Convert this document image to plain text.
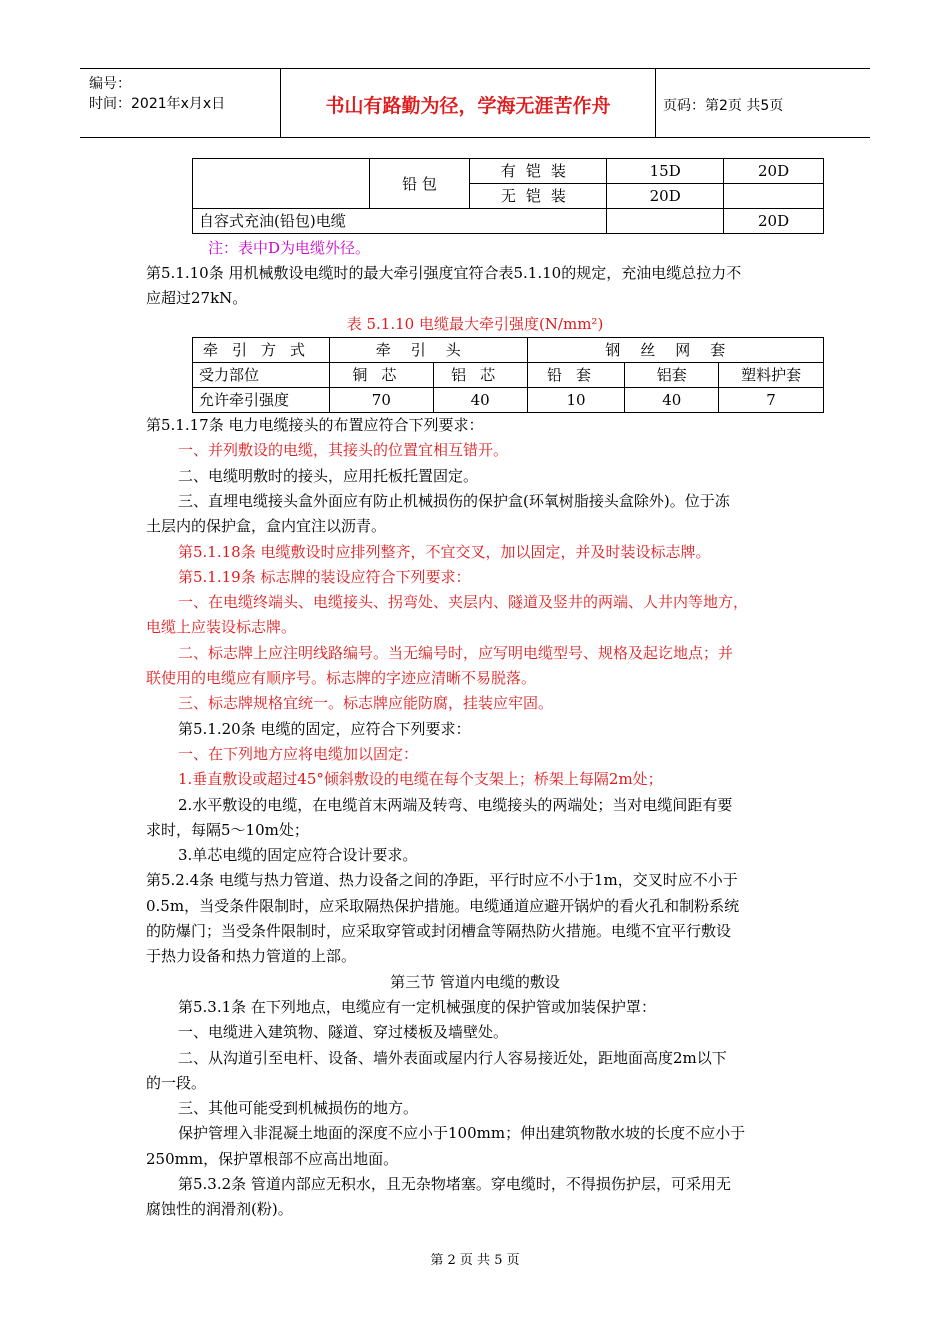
编号：
时间：2021年x月x日	书山有路勤为径，学海无涯苦作舟	页码：第2页 共5页
	铅 包	有铠装	15D	20D
		无铠装	20D	
自容式充油(铅包)电缆				20D
注：表中D为电缆外径。
第5.1.10条 用机械敷设电缆时的最大牵引强度宜符合表5.1.10的规定，充油电缆总拉力不
应超过27kN。
表 5.1.10 电缆最大牵引强度(N/mm²)
牵引方式	牵引头		钢丝网套		
受力部位	铜芯	铝芯	铅套	铝套	塑料护套
允许牵引强度	70	40	10	40	7
第5.1.17条 电力电缆接头的布置应符合下列要求：
一、并列敷设的电缆，其接头的位置宜相互错开。
二、电缆明敷时的接头，应用托板托置固定。
三、直埋电缆接头盒外面应有防止机械损伤的保护盒(环氧树脂接头盒除外)。位于冻
土层内的保护盒，盒内宜注以沥青。
第5.1.18条 电缆敷设时应排列整齐，不宜交叉，加以固定，并及时装设标志牌。
第5.1.19条 标志牌的装设应符合下列要求：
一、在电缆终端头、电缆接头、拐弯处、夹层内、隧道及竖井的两端、人井内等地方，
电缆上应装设标志牌。
二、标志牌上应注明线路编号。当无编号时，应写明电缆型号、规格及起讫地点；并
联使用的电缆应有顺序号。标志牌的字迹应清晰不易脱落。
三、标志牌规格宜统一。标志牌应能防腐，挂装应牢固。
第5.1.20条 电缆的固定，应符合下列要求：
一、在下列地方应将电缆加以固定：
1.垂直敷设或超过45°倾斜敷设的电缆在每个支架上；桥架上每隔2m处；
2.水平敷设的电缆，在电缆首末两端及转弯、电缆接头的两端处；当对电缆间距有要
求时，每隔5～10m处；
3.单芯电缆的固定应符合设计要求。
第5.2.4条 电缆与热力管道、热力设备之间的净距，平行时应不小于1m，交叉时应不小于
0.5m，当受条件限制时，应采取隔热保护措施。电缆通道应避开锅炉的看火孔和制粉系统
的防爆门；当受条件限制时，应采取穿管或封闭槽盒等隔热防火措施。电缆不宜平行敷设
于热力设备和热力管道的上部。
第三节 管道内电缆的敷设
第5.3.1条 在下列地点，电缆应有一定机械强度的保护管或加装保护罩：
一、电缆进入建筑物、隧道、穿过楼板及墙壁处。
二、从沟道引至电杆、设备、墙外表面或屋内行人容易接近处，距地面高度2m以下
的一段。
三、其他可能受到机械损伤的地方。
保护管埋入非混凝土地面的深度不应小于100mm；伸出建筑物散水坡的长度不应小于
250mm，保护罩根部不应高出地面。
第5.3.2条 管道内部应无积水，且无杂物堵塞。穿电缆时，不得损伤护层，可采用无
腐蚀性的润滑剂(粉)。
第 2 页 共 5 页
